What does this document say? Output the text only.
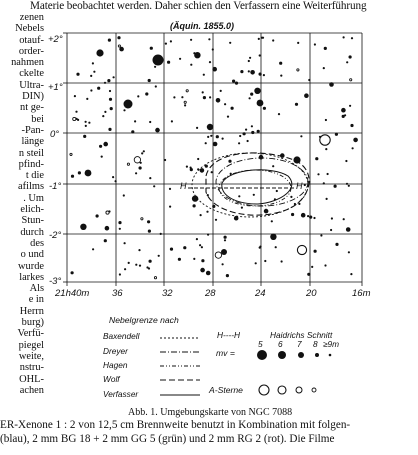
Materie beobachtet werden. Daher schien den Verfassern eine Weiterführung
zenen
Nebels
otauf-
order-
nahmen
ckelte
Ultra-
DIN)
nt ge-
bei
-Pan-
länge
n steil
pfind-
t die
afilms
. Um
elich-
Stun-
durch
des
o und
wurde
larkes
Als
e in
Herrn
burg)
Verfü-
piegel
weite,
nstru-
OHL-
achen
(Äquin. 1855.0)
+2°
+1°
0°
-1°
-2°
-3°
21h40m 36	32	28	24	20	16m
H	H
Nebelgrenze nach
Baxendell
Dreyer
Hagen
Wolf
Verfasser
H----H	Haidrichs Schnitt
mv =
5 6 7 8 ≥9m
A-Sterne
Abb. 1. Umgebungskarte von NGC 7088
ER-Xenone 1 : 2 von 12,5 cm Brennweite benutzt in Kombination mit folgen-
(blau), 2 mm BG 18 + 2 mm GG 5 (grün) und 2 mm RG 2 (rot). Die Filme
